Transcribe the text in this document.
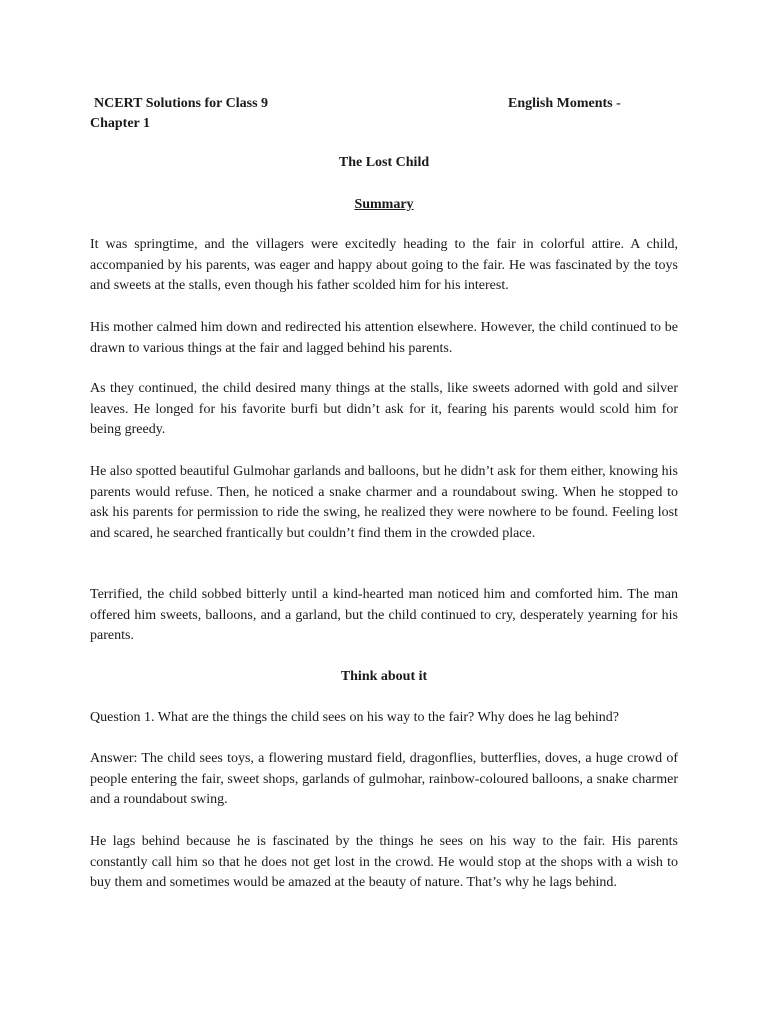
NCERT Solutions for Class 9	English Moments -
Chapter 1
The Lost Child
Summary

It was springtime, and the villagers were excitedly heading to the fair in colorful attire. A child, accompanied by his parents, was eager and happy about going to the fair. He was fascinated by the toys and sweets at the stalls, even though his father scolded him for his interest.

His mother calmed him down and redirected his attention elsewhere. However, the child continued to be drawn to various things at the fair and lagged behind his parents.

As they continued, the child desired many things at the stalls, like sweets adorned with gold and silver leaves. He longed for his favorite burfi but didn’t ask for it, fearing his parents would scold him for being greedy.

He also spotted beautiful Gulmohar garlands and balloons, but he didn’t ask for them either, knowing his parents would refuse. Then, he noticed a snake charmer and a roundabout swing. When he stopped to ask his parents for permission to ride the swing, he realized they were nowhere to be found. Feeling lost and scared, he searched frantically but couldn’t find them in the crowded place.

Terrified, the child sobbed bitterly until a kind-hearted man noticed him and comforted him. The man offered him sweets, balloons, and a garland, but the child continued to cry, desperately yearning for his parents.

Think about it

Question 1. What are the things the child sees on his way to the fair? Why does he lag behind?

Answer: The child sees toys, a flowering mustard field, dragonflies, butterflies, doves, a huge crowd of people entering the fair, sweet shops, garlands of gulmohar, rainbow-coloured balloons, a snake charmer and a roundabout swing.

He lags behind because he is fascinated by the things he sees on his way to the fair. His parents constantly call him so that he does not get lost in the crowd. He would stop at the shops with a wish to buy them and sometimes would be amazed at the beauty of nature. That’s why he lags behind.
